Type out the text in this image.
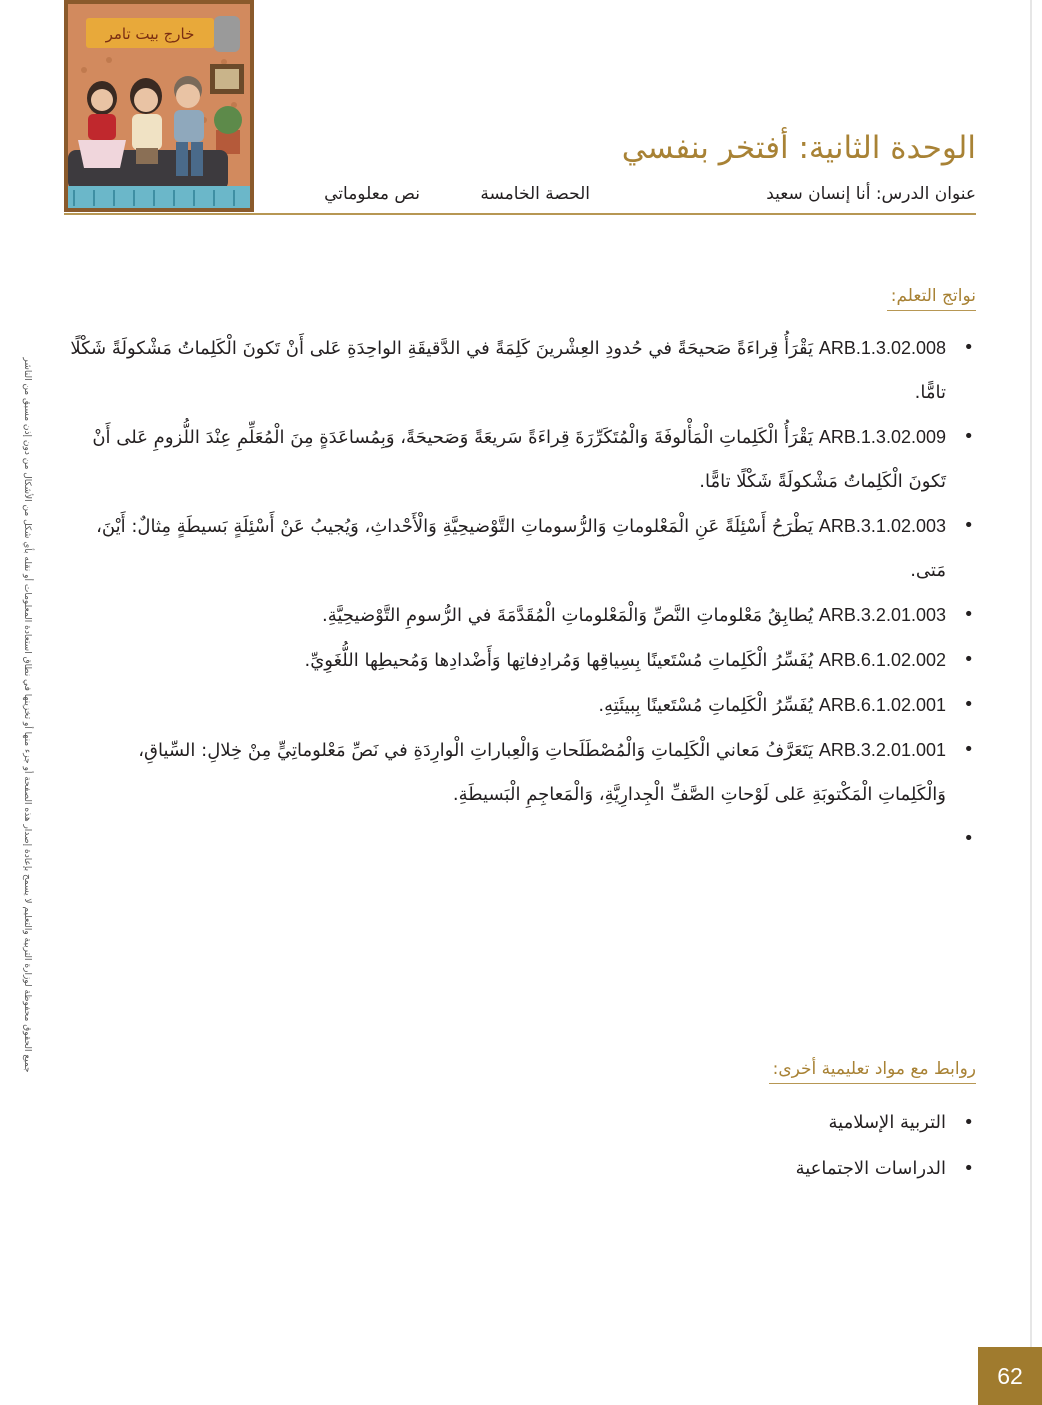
خارج بيت تامر
الوحدة الثانية: أفتخر بنفسي
عنوان الدرس: أنا إنسان سعيد
الحصة الخامسة
نص معلوماتي
جميع الحقوق محفوظة لوزارة التربية والتعليم لا يسمح بإعادة إصدار هذه الصفحة أو جزء منها أو تخزينها في نطاق استعادة المعلومات أو نقله بأي شكل من الأشكال من دون إذن مسبق من الناشر
نواتج التعلم:
•
ARB.1.3.02.008 يَقْرَأُ قِراءَةً صَحيحَةً في حُدودِ العِشْرينَ كَلِمَةً في الدَّقيقَةِ الواحِدَةِ عَلى أَنْ تَكونَ الْكَلِماتُ مَشْكولَةً شَكْلًا تامًّا.
•
ARB.1.3.02.009 يَقْرَأُ الْكَلِماتِ الْمَأْلوفَةَ وَالْمُتَكَرِّرَةَ قِراءَةً سَريعَةً وَصَحيحَةً، وَبِمُساعَدَةٍ مِنَ الْمُعَلِّمِ عِنْدَ اللُّزومِ عَلى أَنْ تَكونَ الْكَلِماتُ مَشْكولَةً شَكْلًا تامًّا.
•
ARB.3.1.02.003 يَطْرَحُ أَسْئِلَةً عَنِ الْمَعْلوماتِ وَالرُّسوماتِ التَّوْضيحِيَّةِ وَالْأَحْداثِ، وَيُجيبُ عَنْ أَسْئِلَةٍ بَسيطَةٍ مِثالٌ: أَيْنَ، مَتى.
•
ARB.3.2.01.003 يُطابِقُ مَعْلوماتِ النَّصِّ وَالْمَعْلوماتِ الْمُقَدَّمَةَ في الرُّسومِ التَّوْضيحِيَّةِ.
•
ARB.6.1.02.002 يُفَسِّرُ الْكَلِماتِ مُسْتَعينًا بِسِياقِها وَمُرادِفاتِها وَأَضْدادِها وَمُحيطِها اللُّغَوِيِّ.
•
ARB.6.1.02.001 يُفَسِّرُ الْكَلِماتِ مُسْتَعينًا بِبيئَتِهِ.
•
ARB.3.2.01.001 يَتَعَرَّفُ مَعاني الْكَلِماتِ وَالْمُصْطَلَحاتِ وَالْعِباراتِ الْوارِدَةِ في نَصِّ مَعْلوماتِيٍّ مِنْ خِلالِ: السِّياقِ، وَالْكَلِماتِ الْمَكْتوبَةِ عَلى لَوْحاتِ الصَّفِّ الْجِدارِيَّةِ، وَالْمَعاجِمِ الْبَسيطَةِ.
•

روابط مع مواد تعليمية أخرى:
•
التربية الإسلامية
•
الدراسات الاجتماعية
62
